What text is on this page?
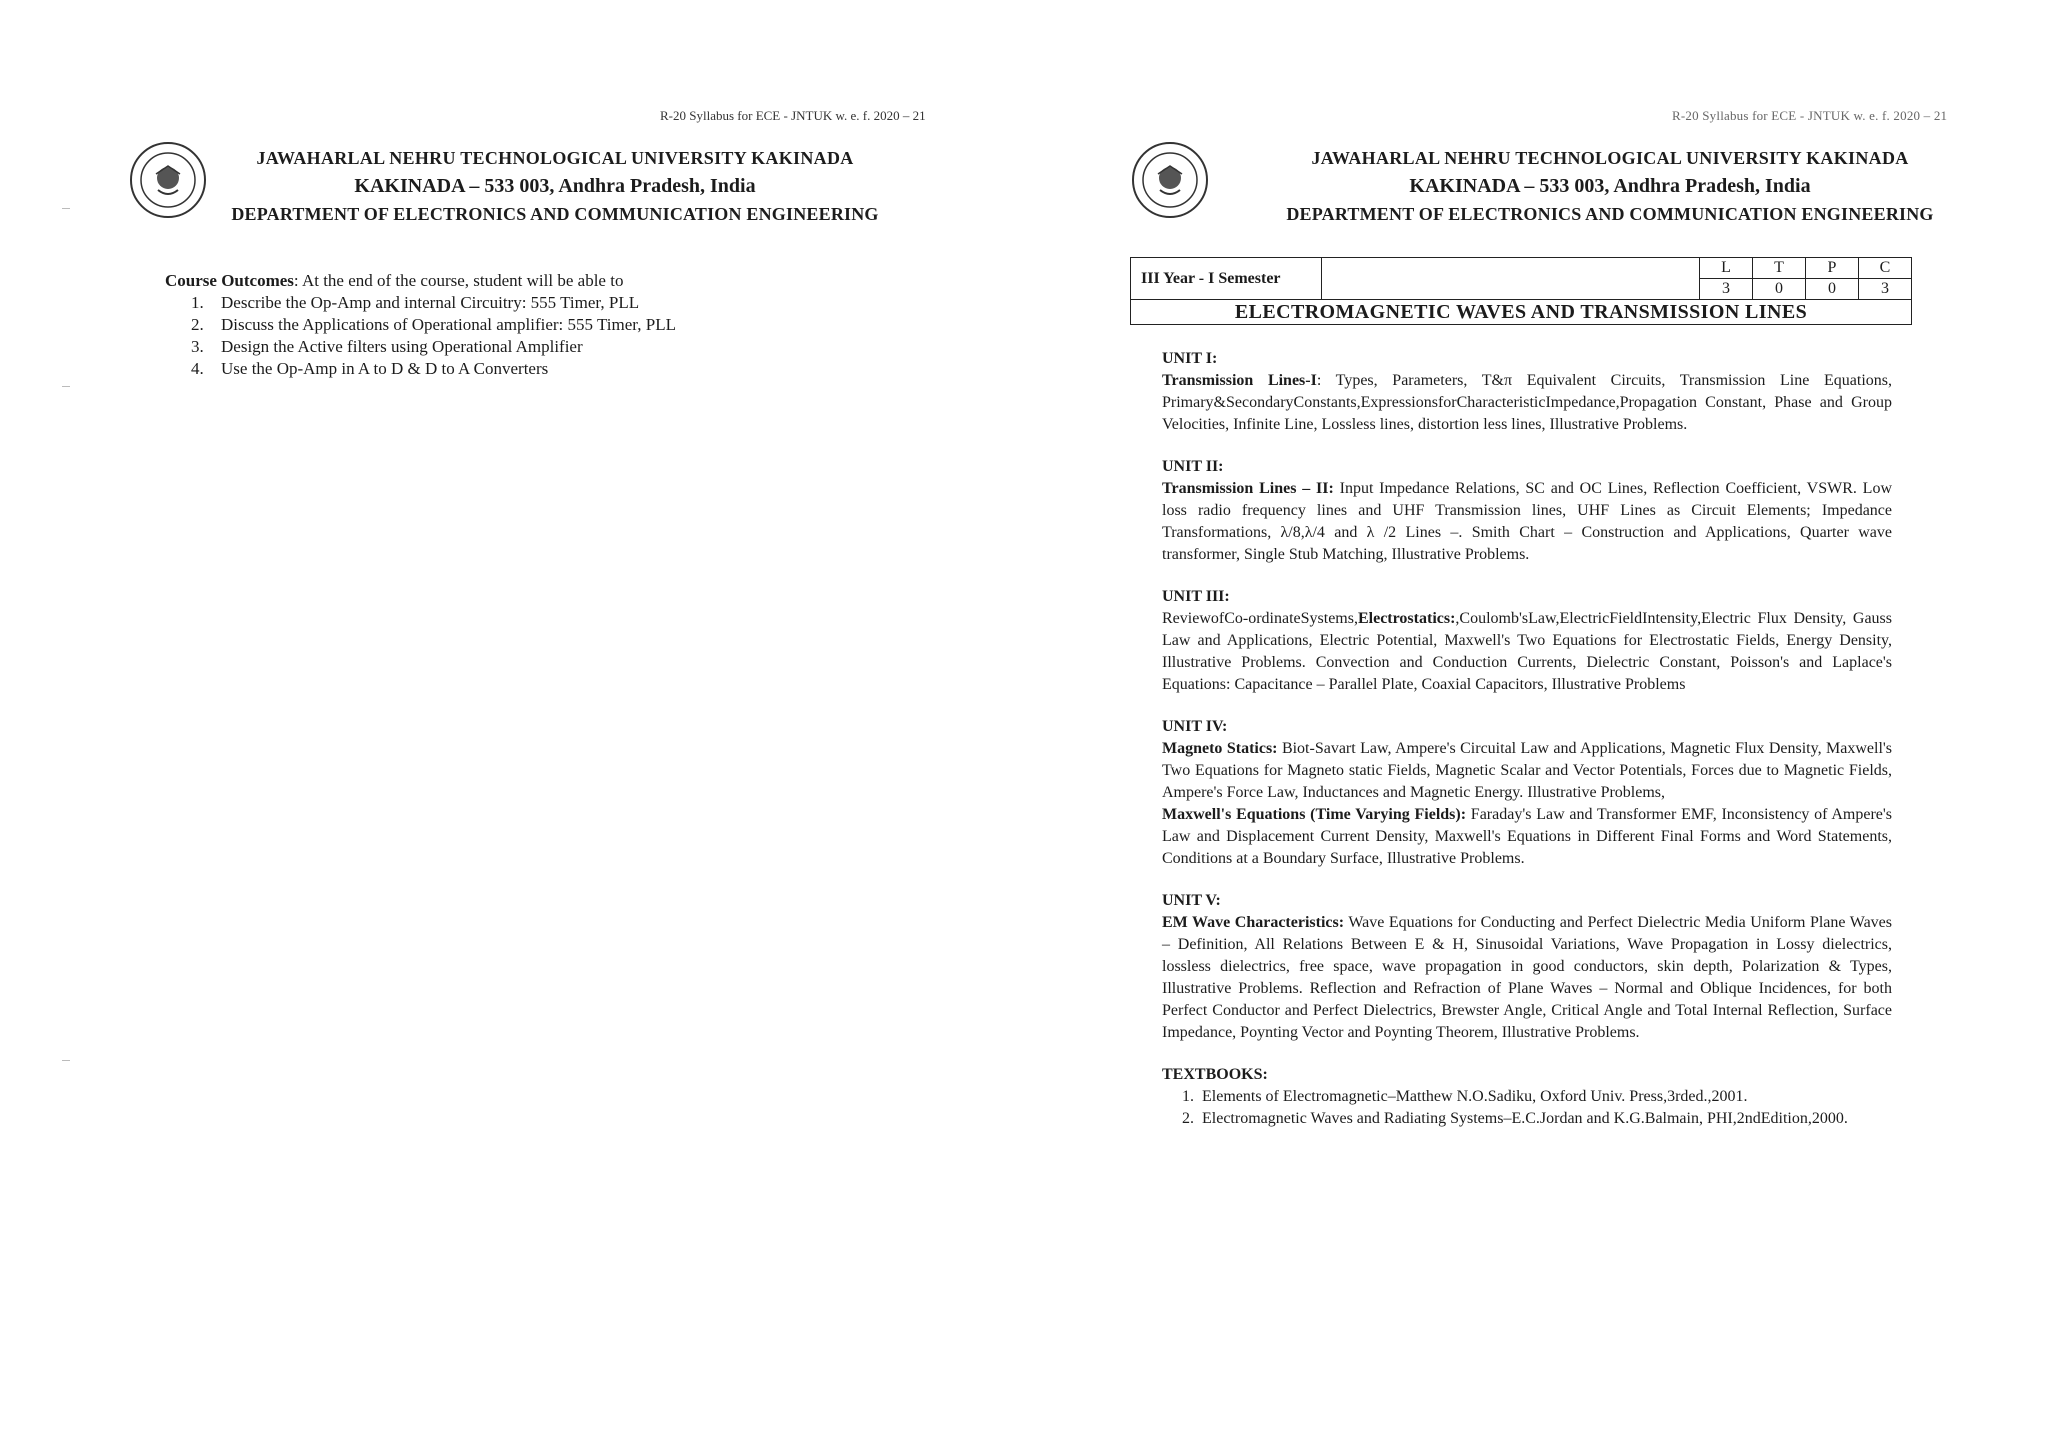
R-20 Syllabus for ECE - JNTUK w. e. f. 2020 – 21
JAWAHARLAL NEHRU TECHNOLOGICAL UNIVERSITY KAKINADA
KAKINADA – 533 003, Andhra Pradesh, India
DEPARTMENT OF ELECTRONICS AND COMMUNICATION ENGINEERING
Course Outcomes: At the end of the course, student will be able to
1. Describe the Op-Amp and internal Circuitry: 555 Timer, PLL
2. Discuss the Applications of Operational amplifier: 555 Timer, PLL
3. Design the Active filters using Operational Amplifier
4. Use the Op-Amp in A to D & D to A Converters
R-20 Syllabus for ECE - JNTUK w. e. f. 2020 – 21
JAWAHARLAL NEHRU TECHNOLOGICAL UNIVERSITY KAKINADA
KAKINADA – 533 003, Andhra Pradesh, India
DEPARTMENT OF ELECTRONICS AND COMMUNICATION ENGINEERING
III Year - I Semester		L	T	P	C
		3	0	0	3
ELECTROMAGNETIC WAVES AND TRANSMISSION LINES					
UNIT I:

Transmission Lines-I: Types, Parameters, T&π Equivalent Circuits, Transmission Line Equations, Primary&SecondaryConstants,ExpressionsforCharacteristicImpedance,Propagation Constant, Phase and Group Velocities, Infinite Line, Lossless lines, distortion less lines, Illustrative Problems.

UNIT II:

Transmission Lines – II: Input Impedance Relations, SC and OC Lines, Reflection Coefficient, VSWR. Low loss radio frequency lines and UHF Transmission lines, UHF Lines as Circuit Elements; Impedance Transformations, λ/8,λ/4 and λ /2 Lines –. Smith Chart – Construction and Applications, Quarter wave transformer, Single Stub Matching, Illustrative Problems.

UNIT III:

ReviewofCo-ordinateSystems,Electrostatics:,Coulomb'sLaw,ElectricFieldIntensity,Electric Flux Density, Gauss Law and Applications, Electric Potential, Maxwell's Two Equations for Electrostatic Fields, Energy Density, Illustrative Problems. Convection and Conduction Currents, Dielectric Constant, Poisson's and Laplace's Equations: Capacitance – Parallel Plate, Coaxial Capacitors, Illustrative Problems

UNIT IV:

Magneto Statics: Biot-Savart Law, Ampere's Circuital Law and Applications, Magnetic Flux Density, Maxwell's Two Equations for Magneto static Fields, Magnetic Scalar and Vector Potentials, Forces due to Magnetic Fields, Ampere's Force Law, Inductances and Magnetic Energy. Illustrative Problems,

Maxwell's Equations (Time Varying Fields): Faraday's Law and Transformer EMF, Inconsistency of Ampere's Law and Displacement Current Density, Maxwell's Equations in Different Final Forms and Word Statements, Conditions at a Boundary Surface, Illustrative Problems.

UNIT V:

EM Wave Characteristics: Wave Equations for Conducting and Perfect Dielectric Media Uniform Plane Waves – Definition, All Relations Between E & H, Sinusoidal Variations, Wave Propagation in Lossy dielectrics, lossless dielectrics, free space, wave propagation in good conductors, skin depth, Polarization & Types, Illustrative Problems. Reflection and Refraction of Plane Waves – Normal and Oblique Incidences, for both Perfect Conductor and Perfect Dielectrics, Brewster Angle, Critical Angle and Total Internal Reflection, Surface Impedance, Poynting Vector and Poynting Theorem, Illustrative Problems.

TEXTBOOKS:
1. Elements of Electromagnetic–Matthew N.O.Sadiku, Oxford Univ. Press,3rded.,2001.
2. Electromagnetic Waves and Radiating Systems–E.C.Jordan and K.G.Balmain, PHI,2ndEdition,2000.
